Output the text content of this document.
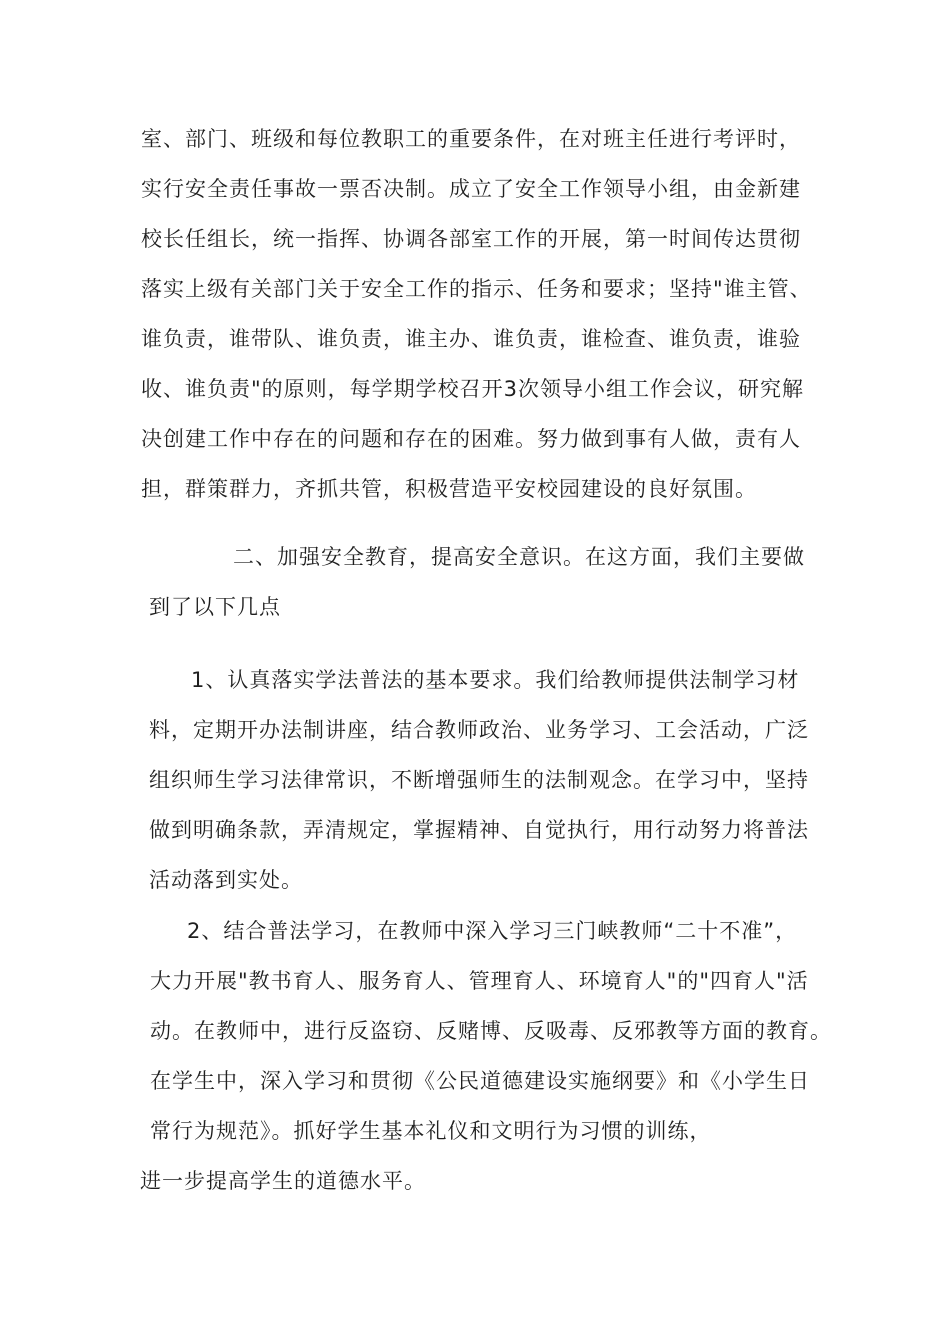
室、部门、班级和每位教职工的重要条件，在对班主任进行考评时，
实行安全责任事故一票否决制。成立了安全工作领导小组，由金新建
校长任组长，统一指挥、协调各部室工作的开展，第一时间传达贯彻
落实上级有关部门关于安全工作的指示、任务和要求；坚持"谁主管、
谁负责，谁带队、谁负责，谁主办、谁负责，谁检查、谁负责，谁验
收、谁负责"的原则，每学期学校召开3次领导小组工作会议，研究解
决创建工作中存在的问题和存在的困难。努力做到事有人做，责有人
担，群策群力，齐抓共管，积极营造平安校园建设的良好氛围。
二、加强安全教育，提高安全意识。在这方面，我们主要做
到了以下几点
1、认真落实学法普法的基本要求。我们给教师提供法制学习材
料，定期开办法制讲座，结合教师政治、业务学习、工会活动，广泛
组织师生学习法律常识，不断增强师生的法制观念。在学习中，坚持
做到明确条款，弄清规定，掌握精神、自觉执行，用行动努力将普法
活动落到实处。
2、结合普法学习，在教师中深入学习三门峡教师“二十不准”，
大力开展"教书育人、服务育人、管理育人、环境育人"的"四育人"活
动。在教师中，进行反盗窃、反赌博、反吸毒、反邪教等方面的教育。
在学生中，深入学习和贯彻《公民道德建设实施纲要》和《小学生日
常行为规范》。抓好学生基本礼仪和文明行为习惯的训练，
进一步提高学生的道德水平。
